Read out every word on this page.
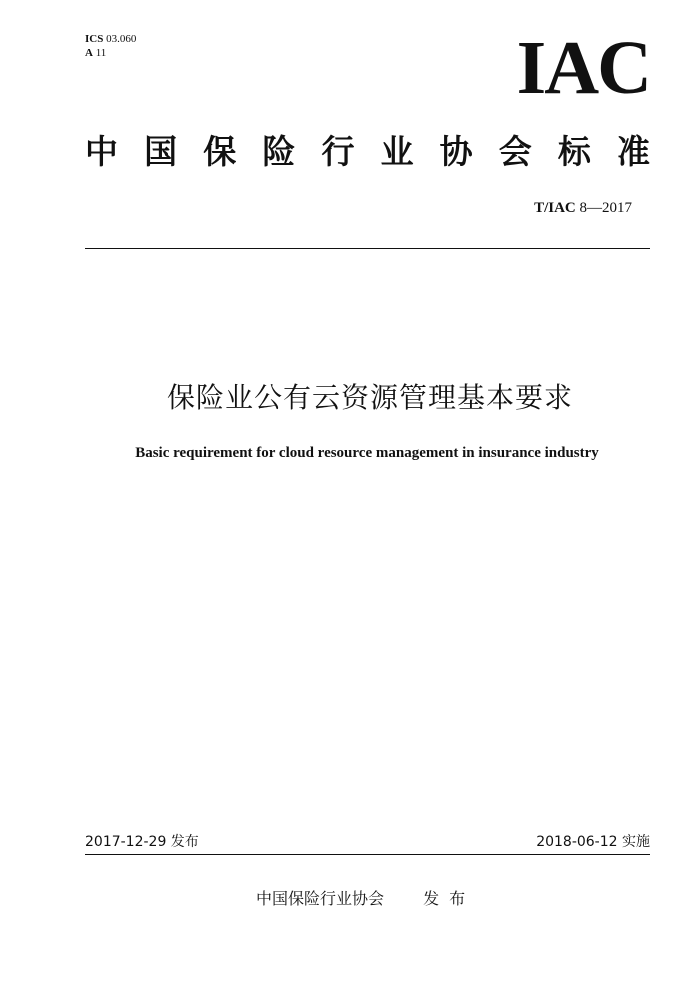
ICS 03.060
A 11	IAC
中 国 保 险 行 业 协 会 标 准
T/IAC 8—2017
保险业公有云资源管理基本要求
Basic requirement for cloud resource management in insurance industry
2017-12-29 发布	2018-06-12 实施
中国保险行业协会 发布
